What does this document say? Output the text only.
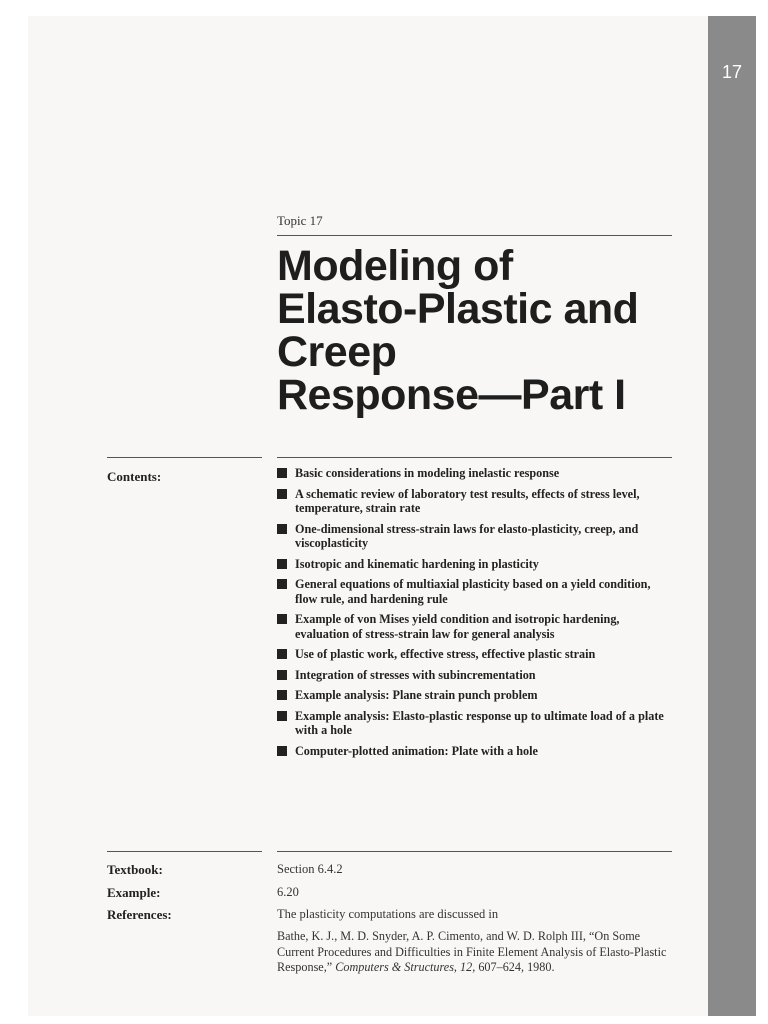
17
Topic 17
Modeling of
Elasto-Plastic and
Creep
Response—Part I
Contents:	Basic considerations in modeling inelastic response
A schematic review of laboratory test results, effects of stress level, temperature, strain rate
One-dimensional stress-strain laws for elasto-plasticity, creep, and viscoplasticity
Isotropic and kinematic hardening in plasticity
General equations of multiaxial plasticity based on a yield condition, flow rule, and hardening rule
Example of von Mises yield condition and isotropic hardening, evaluation of stress-strain law for general analysis
Use of plastic work, effective stress, effective plastic strain
Integration of stresses with subincrementation
Example analysis: Plane strain punch problem
Example analysis: Elasto-plastic response up to ultimate load of a plate with a hole
Computer-plotted animation: Plate with a hole
Textbook:
Example:
References:
Section 6.4.2
6.20
The plasticity computations are discussed in
Bathe, K. J., M. D. Snyder, A. P. Cimento, and W. D. Rolph III, “On Some Current Procedures and Difficulties in Finite Element Analysis of Elasto-Plastic Response,” Computers & Structures, 12, 607–624, 1980.
